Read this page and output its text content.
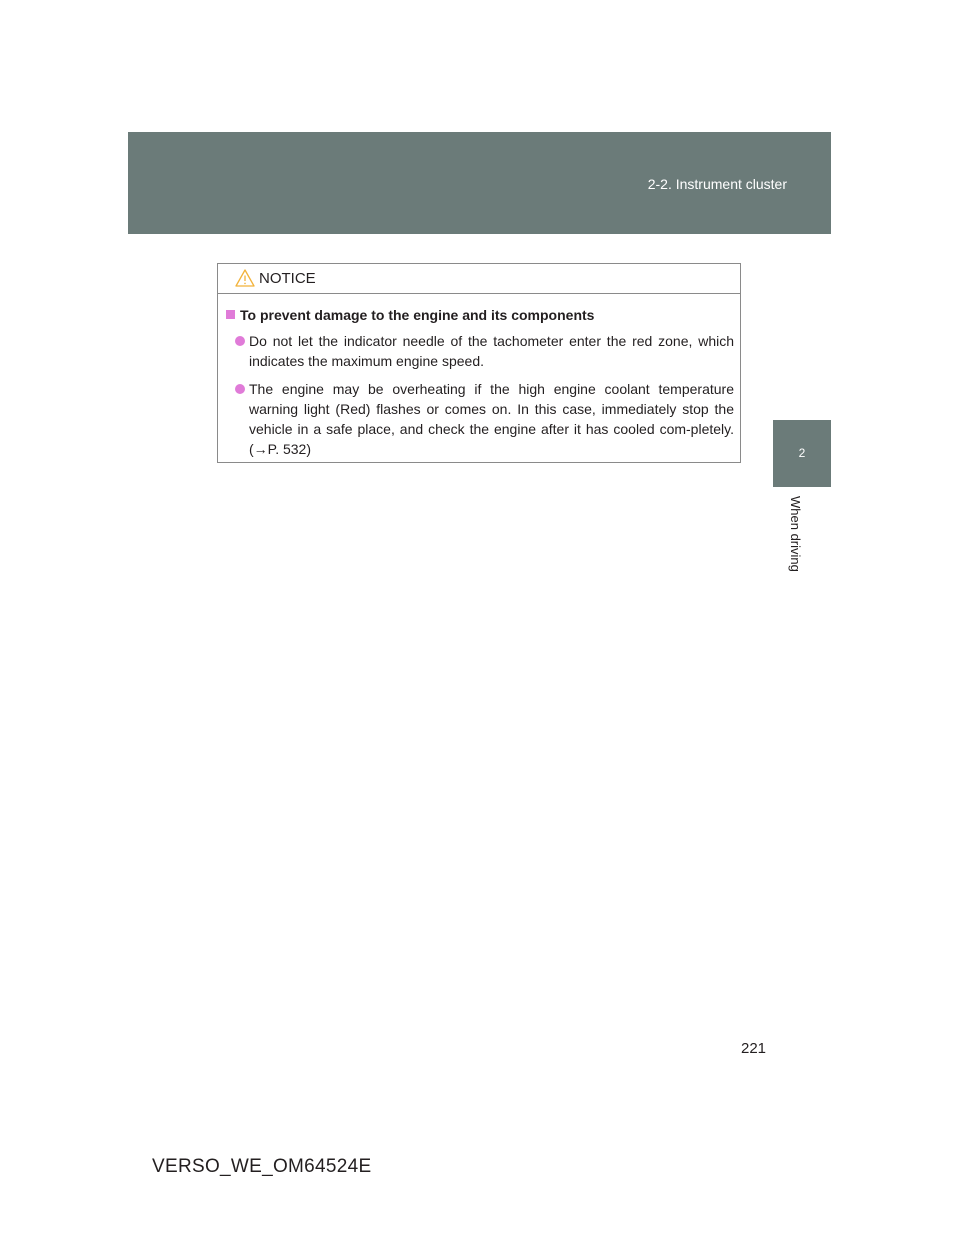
2-2. Instrument cluster
2
When driving
NOTICE
To prevent damage to the engine and its components
Do not let the indicator needle of the tachometer enter the red zone, which indicates the maximum engine speed.
The engine may be overheating if the high engine coolant temperature warning light (Red) flashes or comes on. In this case, immediately stop the vehicle in a safe place, and check the engine after it has cooled com-pletely. (→P. 532)
221
VERSO_WE_OM64524E
